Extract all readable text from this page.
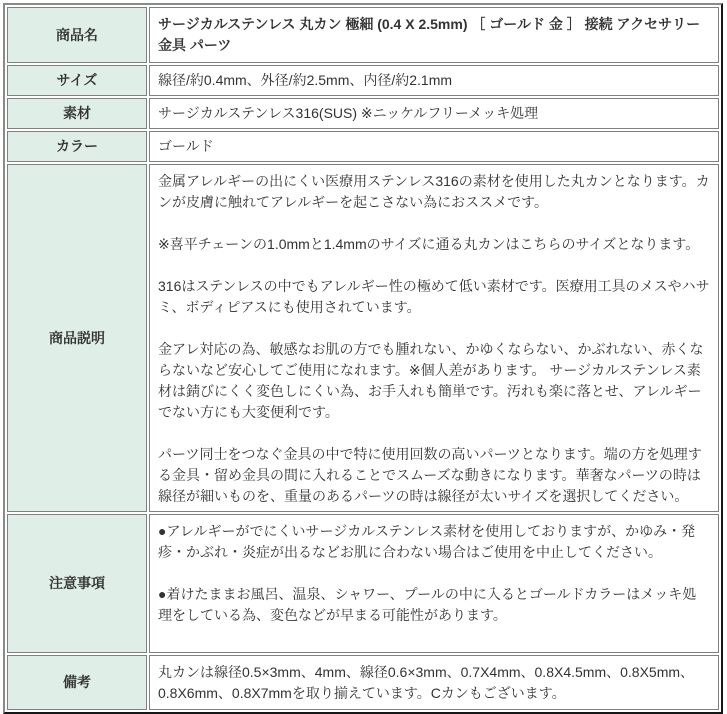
商品名	サージカルステンレス 丸カン 極細 (0.4 X 2.5mm) ［ ゴールド 金 ］ 接続 アクセサリー 金具 パーツ
サイズ	線径/約0.4mm、外径/約2.5mm、内径/約2.1mm
素材	サージカルステンレス316(SUS) ※ニッケルフリーメッキ処理
カラー	ゴールド
商品説明	金属アレルギーの出にくい医療用ステンレス316の素材を使用した丸カンとなります。カンが皮膚に触れてアレルギーを起こさない為におススメです。

※喜平チェーンの1.0mmと1.4mmのサイズに通る丸カンはこちらのサイズとなります。

316はステンレスの中でもアレルギー性の極めて低い素材です。医療用工具のメスやハサミ、ボディピアスにも使用されています。

金アレ対応の為、敏感なお肌の方でも腫れない、かゆくならない、かぶれない、赤くならないなど安心してご使用になれます。※個人差があります。 サージカルステンレス素材は錆びにくく変色しにくい為、お手入れも簡単です。汚れも楽に落とせ、アレルギーでない方にも大変便利です。

パーツ同士をつなぐ金具の中で特に使用回数の高いパーツとなります。端の方を処理する金具・留め金具の間に入れることでスムーズな動きになります。華奢なパーツの時は線径が細いものを、重量のあるパーツの時は線径が太いサイズを選択してください。

注意事項	●アレルギーがでにくいサージカルステンレス素材を使用しておりますが、かゆみ・発疹・かぶれ・炎症が出るなどお肌に合わない場合はご使用を中止してください。

●着けたままお風呂、温泉、シャワー、プールの中に入るとゴールドカラーはメッキ処理をしている為、変色などが早まる可能性があります。

備考	丸カンは線径0.5×3mm、4mm、線径0.6×3mm、0.7X4mm、0.8X4.5mm、0.8X5mm、0.8X6mm、0.8X7mmを取り揃えています。Cカンもございます。
